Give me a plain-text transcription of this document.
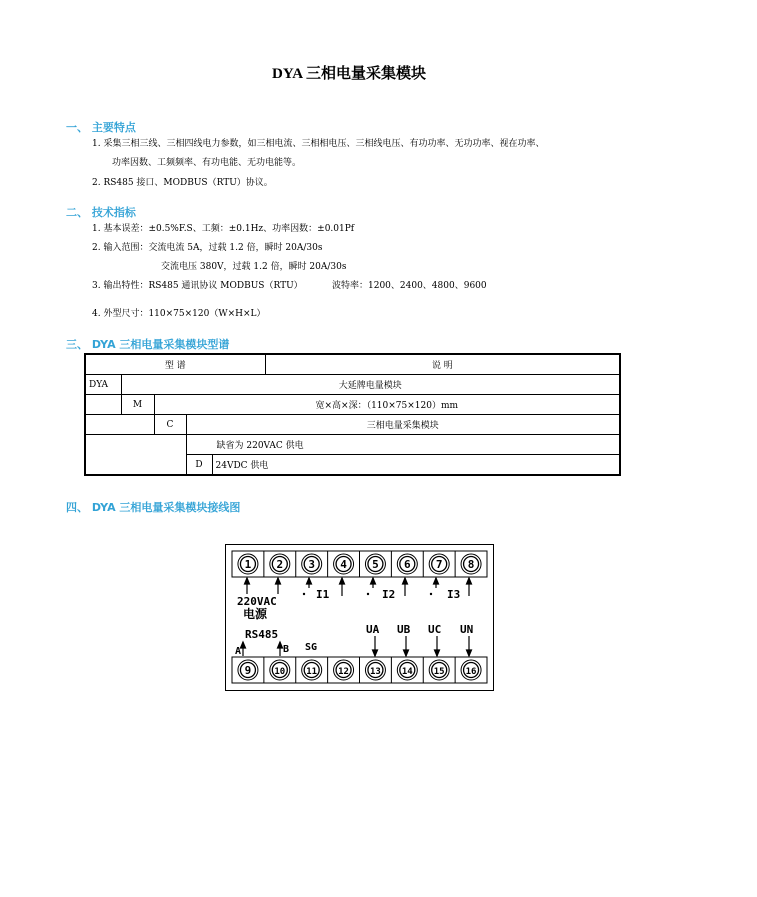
DYA 三相电量采集模块
一、 主要特点
1. 采集三相三线、三相四线电力参数，如三相电流、三相相电压、三相线电压、有功功率、无功功率、视在功率、
功率因数、工频频率、有功电能、无功电能等。
2. RS485 接口、MODBUS（RTU）协议。
二、 技术指标
1. 基本误差：±0.5%F.S、工频：±0.1Hz、功率因数：±0.01Pf
2. 输入范围：交流电流 5A，过载 1.2 倍，瞬时 20A/30s
交流电压 380V，过载 1.2 倍，瞬时 20A/30s
3. 输出特性：RS485 通讯协议 MODBUS（RTU）	波特率：1200、2400、4800、9600
4. 外型尺寸：110×75×120（W×H×L）
三、 DYA 三相电量采集模块型谱
型 谱					说 明
DYA	大延牌电量模块				
	M	宽×高×深：（110×75×120）mm			
		C	三相电量采集模块		
			缺省为 220VAC 供电		
			D	24VDC 供电	
四、 DYA 三相电量采集模块接线图
1 2 3 4 5 6 7 8
9	10 11 12 13 14 15 16
I1	I2	I3
220VAC
电源
RS485
A	B SG
UA UB UC UN
